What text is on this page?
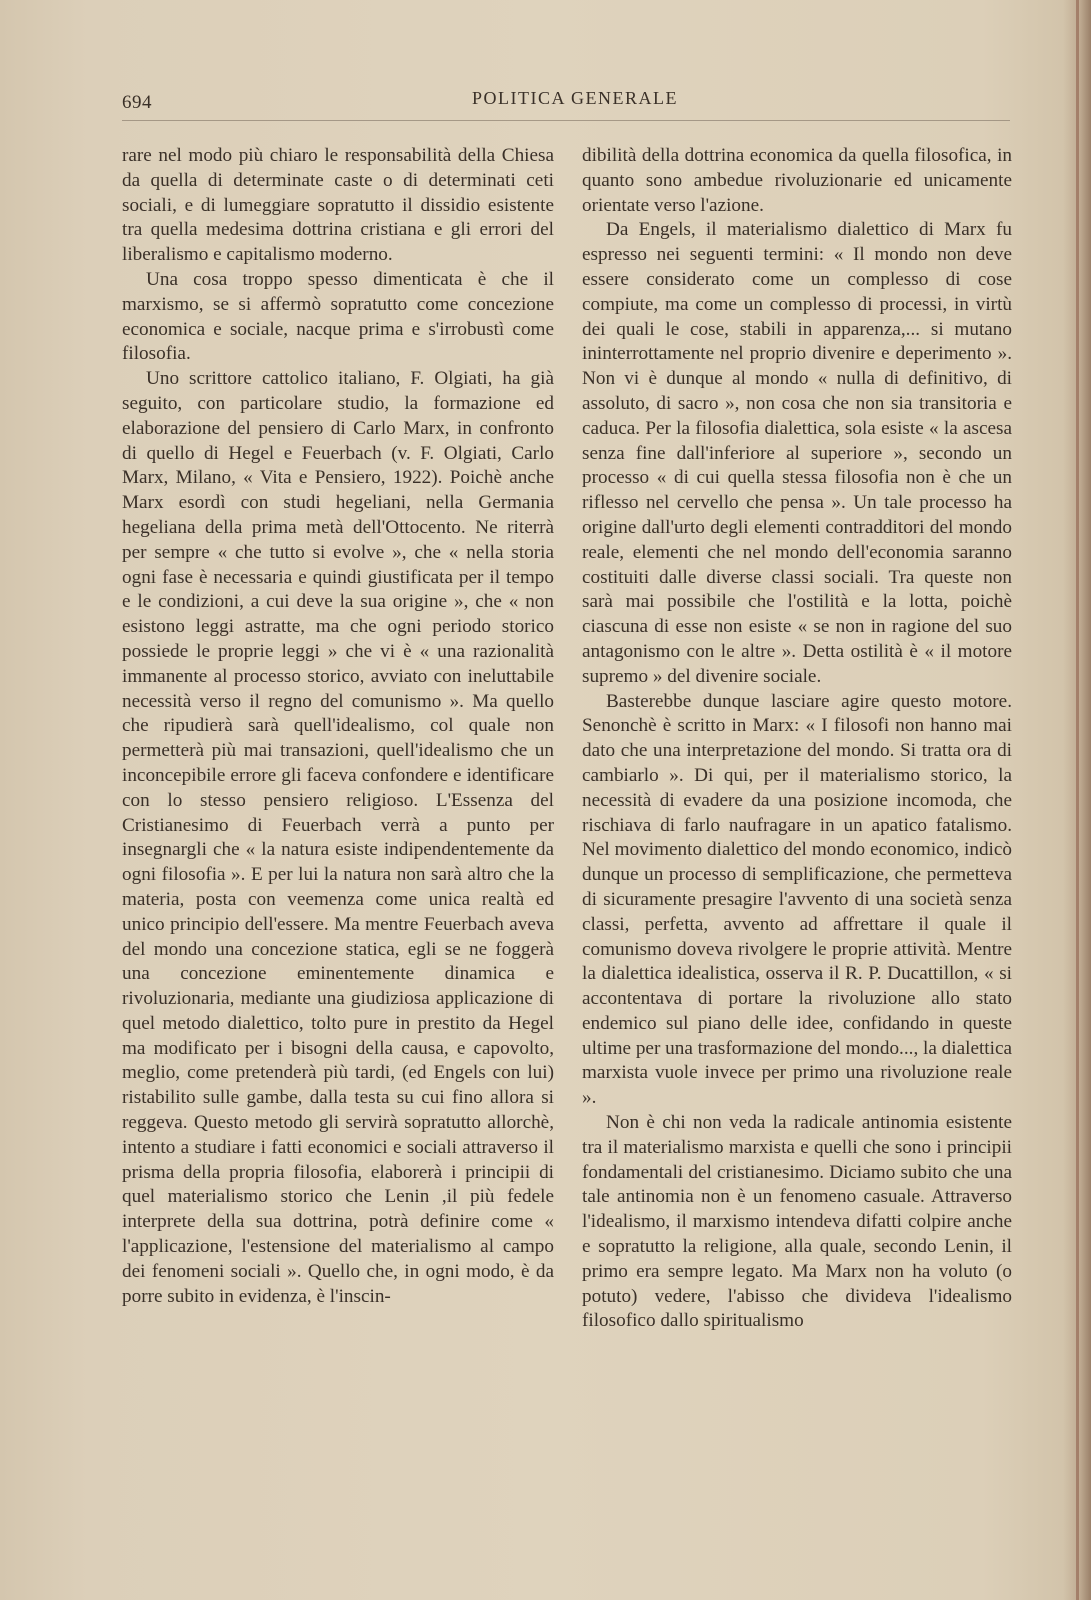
694	POLITICA GENERALE

rare nel modo più chiaro le responsabilità della Chiesa da quella di determinate caste o di determinati ceti sociali, e di lumeggiare sopratutto il dissidio esistente tra quella medesima dottrina cristiana e gli errori del liberalismo e capitalismo moderno.

Una cosa troppo spesso dimenticata è che il marxismo, se si affermò sopratutto come concezione economica e sociale, nacque prima e s'irrobustì come filosofia.

Uno scrittore cattolico italiano, F. Olgiati, ha già seguito, con particolare studio, la formazione ed elaborazione del pensiero di Carlo Marx, in confronto di quello di Hegel e Feuerbach (v. F. Olgiati, Carlo Marx, Milano, « Vita e Pensiero, 1922). Poichè anche Marx esordì con studi hegeliani, nella Germania hegeliana della prima metà dell'Ottocento. Ne riterrà per sempre « che tutto si evolve », che « nella storia ogni fase è necessaria e quindi giustificata per il tempo e le condizioni, a cui deve la sua origine », che « non esistono leggi astratte, ma che ogni periodo storico possiede le proprie leggi » che vi è « una razionalità immanente al processo storico, avviato con ineluttabile necessità verso il regno del comunismo ». Ma quello che ripudierà sarà quell'idealismo, col quale non permetterà più mai transazioni, quell'idealismo che un inconcepibile errore gli faceva confondere e identificare con lo stesso pensiero religioso. L'Essenza del Cristianesimo di Feuerbach verrà a punto per insegnargli che « la natura esiste indipendentemente da ogni filosofia ». E per lui la natura non sarà altro che la materia, posta con veemenza come unica realtà ed unico principio dell'essere. Ma mentre Feuerbach aveva del mondo una concezione statica, egli se ne foggerà una concezione eminentemente dinamica e rivoluzionaria, mediante una giudiziosa applicazione di quel metodo dialettico, tolto pure in prestito da Hegel ma modificato per i bisogni della causa, e capovolto, meglio, come pretenderà più tardi, (ed Engels con lui) ristabilito sulle gambe, dalla testa su cui fino allora si reggeva. Questo metodo gli servirà sopratutto allorchè, intento a studiare i fatti economici e sociali attraverso il prisma della propria filosofia, elaborerà i principii di quel materialismo storico che Lenin ,il più fedele interprete della sua dottrina, potrà definire come « l'applicazione, l'estensione del materialismo al campo dei fenomeni sociali ». Quello che, in ogni modo, è da porre subito in evidenza, è l'inscin-

dibilità della dottrina economica da quella filosofica, in quanto sono ambedue rivoluzionarie ed unicamente orientate verso l'azione.

Da Engels, il materialismo dialettico di Marx fu espresso nei seguenti termini: « Il mondo non deve essere considerato come un complesso di cose compiute, ma come un complesso di processi, in virtù dei quali le cose, stabili in apparenza,... si mutano ininterrottamente nel proprio divenire e deperimento ». Non vi è dunque al mondo « nulla di definitivo, di assoluto, di sacro », non cosa che non sia transitoria e caduca. Per la filosofia dialettica, sola esiste « la ascesa senza fine dall'inferiore al superiore », secondo un processo « di cui quella stessa filosofia non è che un riflesso nel cervello che pensa ». Un tale processo ha origine dall'urto degli elementi contradditori del mondo reale, elementi che nel mondo dell'economia saranno costituiti dalle diverse classi sociali. Tra queste non sarà mai possibile che l'ostilità e la lotta, poichè ciascuna di esse non esiste « se non in ragione del suo antagonismo con le altre ». Detta ostilità è « il motore supremo » del divenire sociale.

Basterebbe dunque lasciare agire questo motore. Senonchè è scritto in Marx: « I filosofi non hanno mai dato che una interpretazione del mondo. Si tratta ora di cambiarlo ». Di qui, per il materialismo storico, la necessità di evadere da una posizione incomoda, che rischiava di farlo naufragare in un apatico fatalismo. Nel movimento dialettico del mondo economico, indicò dunque un processo di semplificazione, che permetteva di sicuramente presagire l'avvento di una società senza classi, perfetta, avvento ad affrettare il quale il comunismo doveva rivolgere le proprie attività. Mentre la dialettica idealistica, osserva il R. P. Ducattillon, « si accontentava di portare la rivoluzione allo stato endemico sul piano delle idee, confidando in queste ultime per una trasformazione del mondo..., la dialettica marxista vuole invece per primo una rivoluzione reale ».

Non è chi non veda la radicale antinomia esistente tra il materialismo marxista e quelli che sono i principii fondamentali del cristianesimo. Diciamo subito che una tale antinomia non è un fenomeno casuale. Attraverso l'idealismo, il marxismo intendeva difatti colpire anche e sopratutto la religione, alla quale, secondo Lenin, il primo era sempre legato. Ma Marx non ha voluto (o potuto) vedere, l'abisso che divideva l'idealismo filosofico dallo spiritualismo
